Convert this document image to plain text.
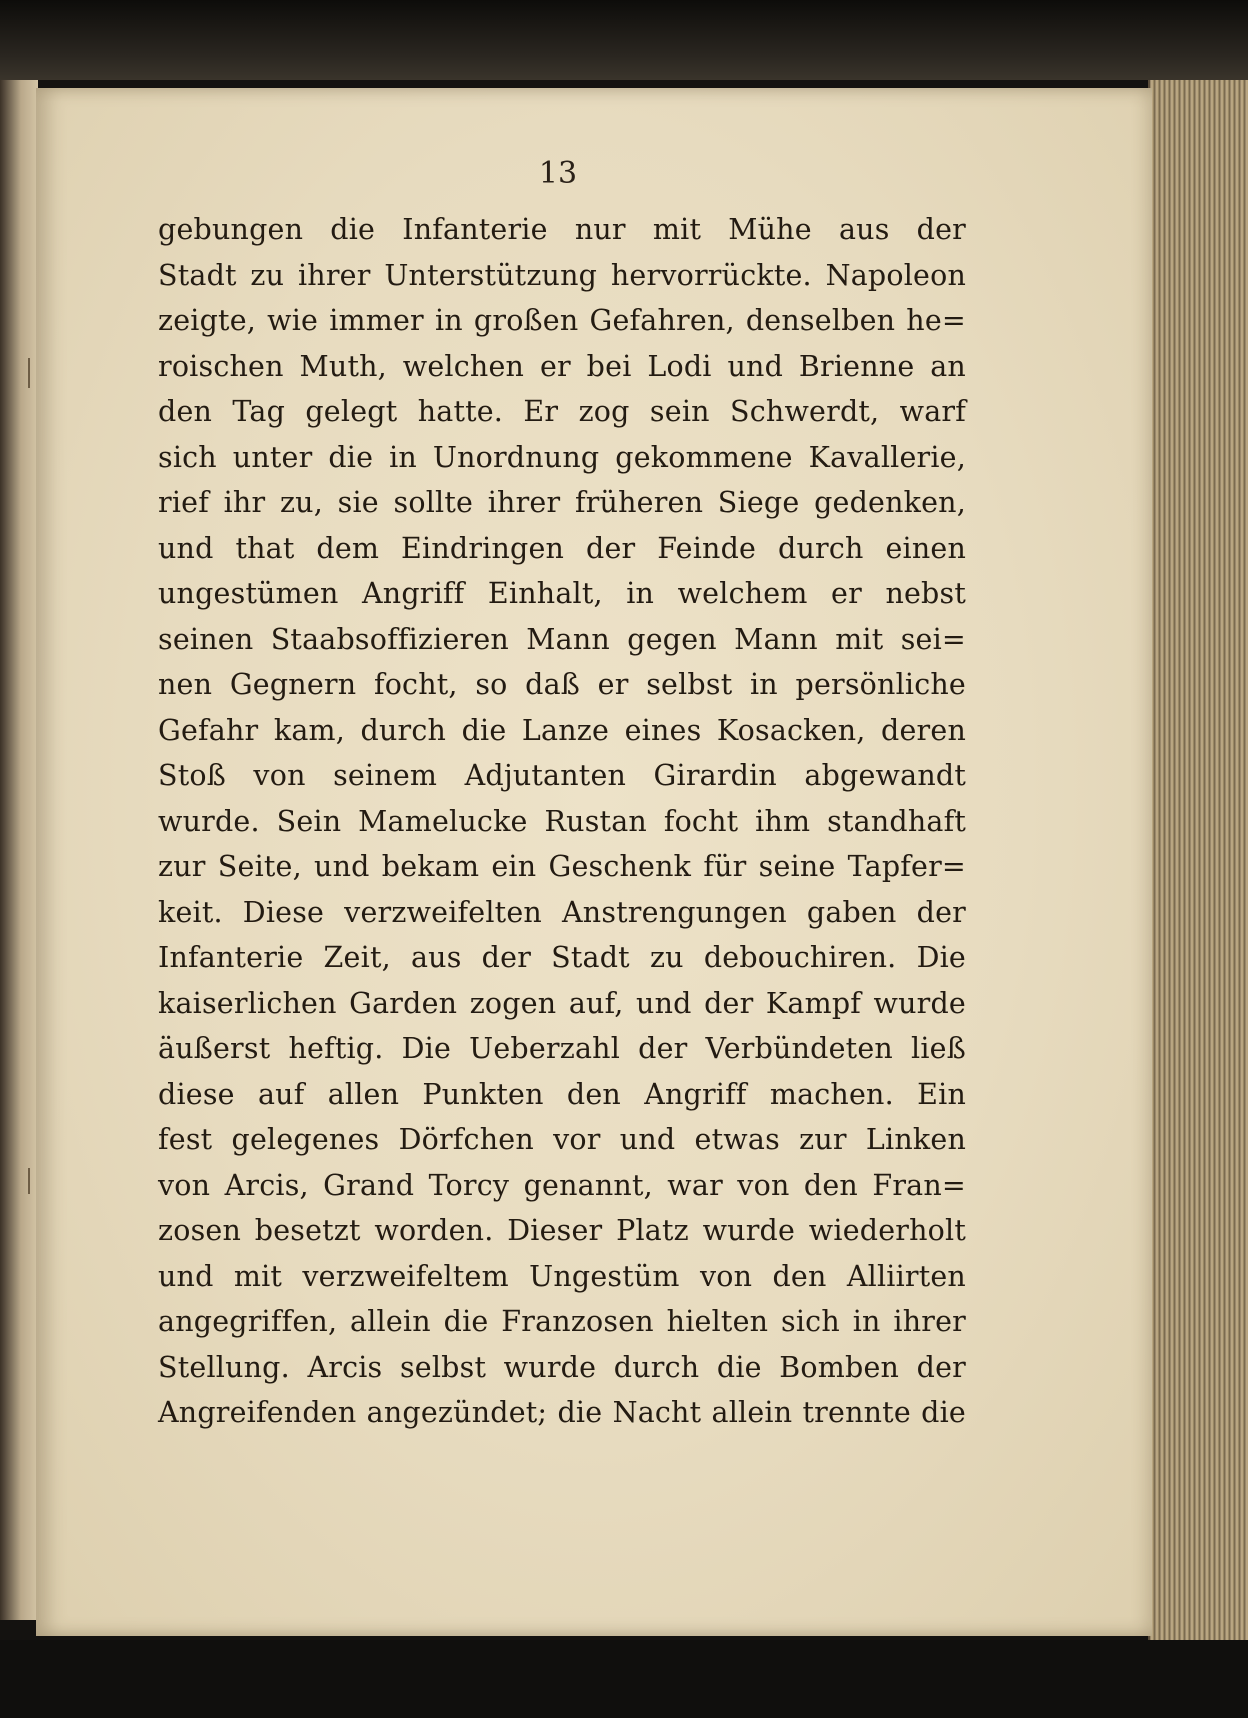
13
gebungen die Infanterie nur mit Mühe aus der
Stadt zu ihrer Unterstützung hervorrückte. Napoleon
zeigte, wie immer in großen Gefahren, denselben he=
roischen Muth, welchen er bei Lodi und Brienne an
den Tag gelegt hatte. Er zog sein Schwerdt, warf
sich unter die in Unordnung gekommene Kavallerie,
rief ihr zu, sie sollte ihrer früheren Siege gedenken,
und that dem Eindringen der Feinde durch einen
ungestümen Angriff Einhalt, in welchem er nebst
seinen Staabsoffizieren Mann gegen Mann mit sei=
nen Gegnern focht, so daß er selbst in persönliche
Gefahr kam, durch die Lanze eines Kosacken, deren
Stoß von seinem Adjutanten Girardin abgewandt
wurde. Sein Mamelucke Rustan focht ihm standhaft
zur Seite, und bekam ein Geschenk für seine Tapfer=
keit. Diese verzweifelten Anstrengungen gaben der
Infanterie Zeit, aus der Stadt zu debouchiren. Die
kaiserlichen Garden zogen auf, und der Kampf wurde
äußerst heftig. Die Ueberzahl der Verbündeten ließ
diese auf allen Punkten den Angriff machen. Ein
fest gelegenes Dörfchen vor und etwas zur Linken
von Arcis, Grand Torcy genannt, war von den Fran=
zosen besetzt worden. Dieser Platz wurde wiederholt
und mit verzweifeltem Ungestüm von den Alliirten
angegriffen, allein die Franzosen hielten sich in ihrer
Stellung. Arcis selbst wurde durch die Bomben der
Angreifenden angezündet; die Nacht allein trennte die
